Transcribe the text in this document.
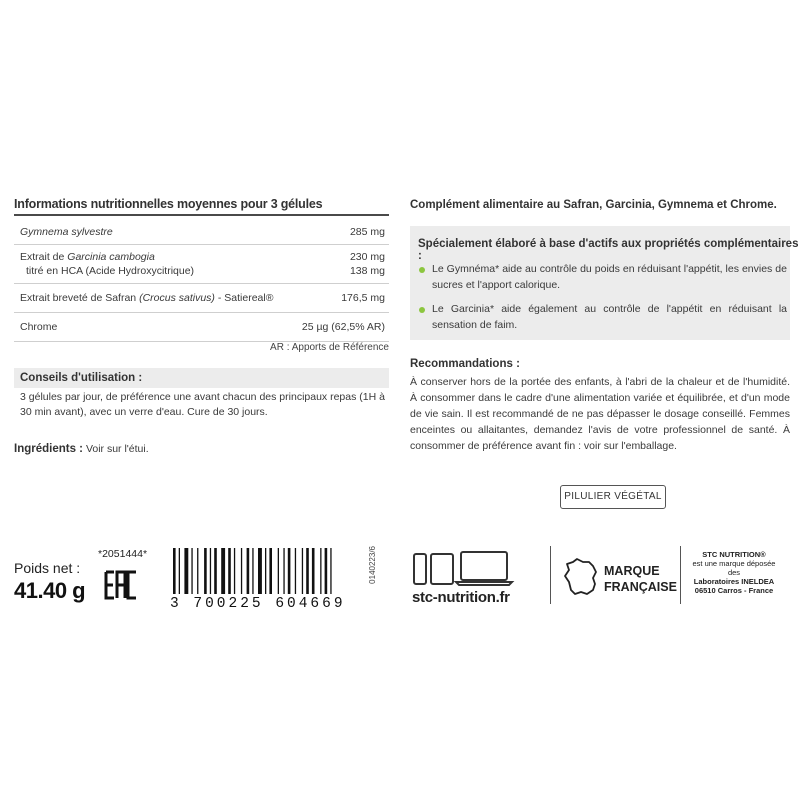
Informations nutritionnelles moyennes pour 3 gélules
Gymnema sylvestre	285 mg
Extrait de Garcinia cambogia	230 mg
titré en HCA (Acide Hydroxycitrique)	138 mg
Extrait breveté de Safran (Crocus sativus) - Satiereal®	176,5 mg
Chrome	25 µg (62,5% AR)
AR : Apports de Référence
Conseils d'utilisation :
3 gélules par jour, de préférence une avant chacun des principaux repas (1H à 30 min avant), avec un verre d'eau. Cure de 30 jours.
Ingrédients : Voir sur l'étui.
Complément alimentaire au Safran, Garcinia, Gymnema et Chrome.
Spécialement élaboré à base d'actifs aux propriétés complémentaires :
Le Gymnéma* aide au contrôle du poids en réduisant l'appétit, les envies de sucres et l'apport calorique.
Le Garcinia* aide également au contrôle de l'appétit en réduisant la sensation de faim.
Recommandations :
À conserver hors de la portée des enfants, à l'abri de la chaleur et de l'humidité. À consommer dans le cadre d'une alimentation variée et équilibrée, et d'un mode de vie sain. Il est recommandé de ne pas dépasser le dosage conseillé. Femmes enceintes ou allaitantes, demandez l'avis de votre professionnel de santé. À consommer de préférence avant fin : voir sur l'emballage.
PILULIER VÉGÉTAL
Poids net :
41.40 g
*2051444*
3 700225 604669
0140223/6
stc-nutrition.fr
MARQUE
FRANÇAISE
STC NUTRITION®
est une marque déposée des
Laboratoires INELDEA
06510 Carros - France
